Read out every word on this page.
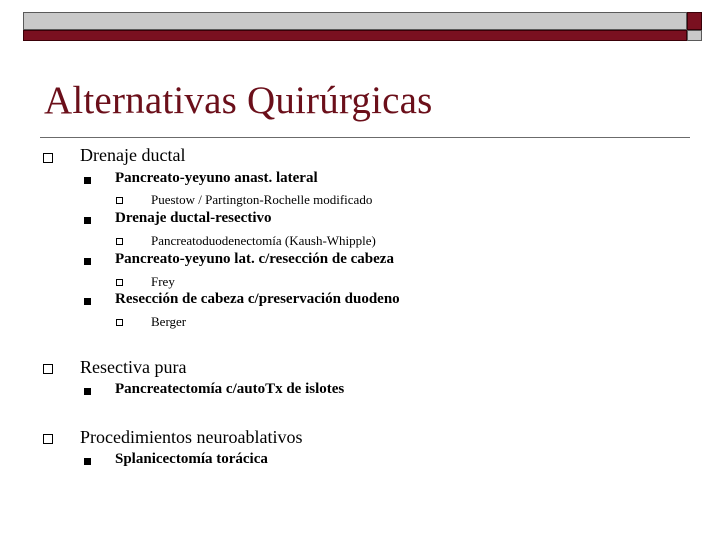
Alternativas Quirúrgicas
Drenaje ductal
Pancreato-yeyuno anast. lateral
Puestow / Partington-Rochelle modificado
Drenaje ductal-resectivo
Pancreatoduodenectomía (Kaush-Whipple)
Pancreato-yeyuno lat. c/resección de cabeza
Frey
Resección de cabeza c/preservación duodeno
Berger
Resectiva pura
Pancreatectomía c/autoTx de islotes
Procedimientos neuroablativos
Splanicectomía torácica
